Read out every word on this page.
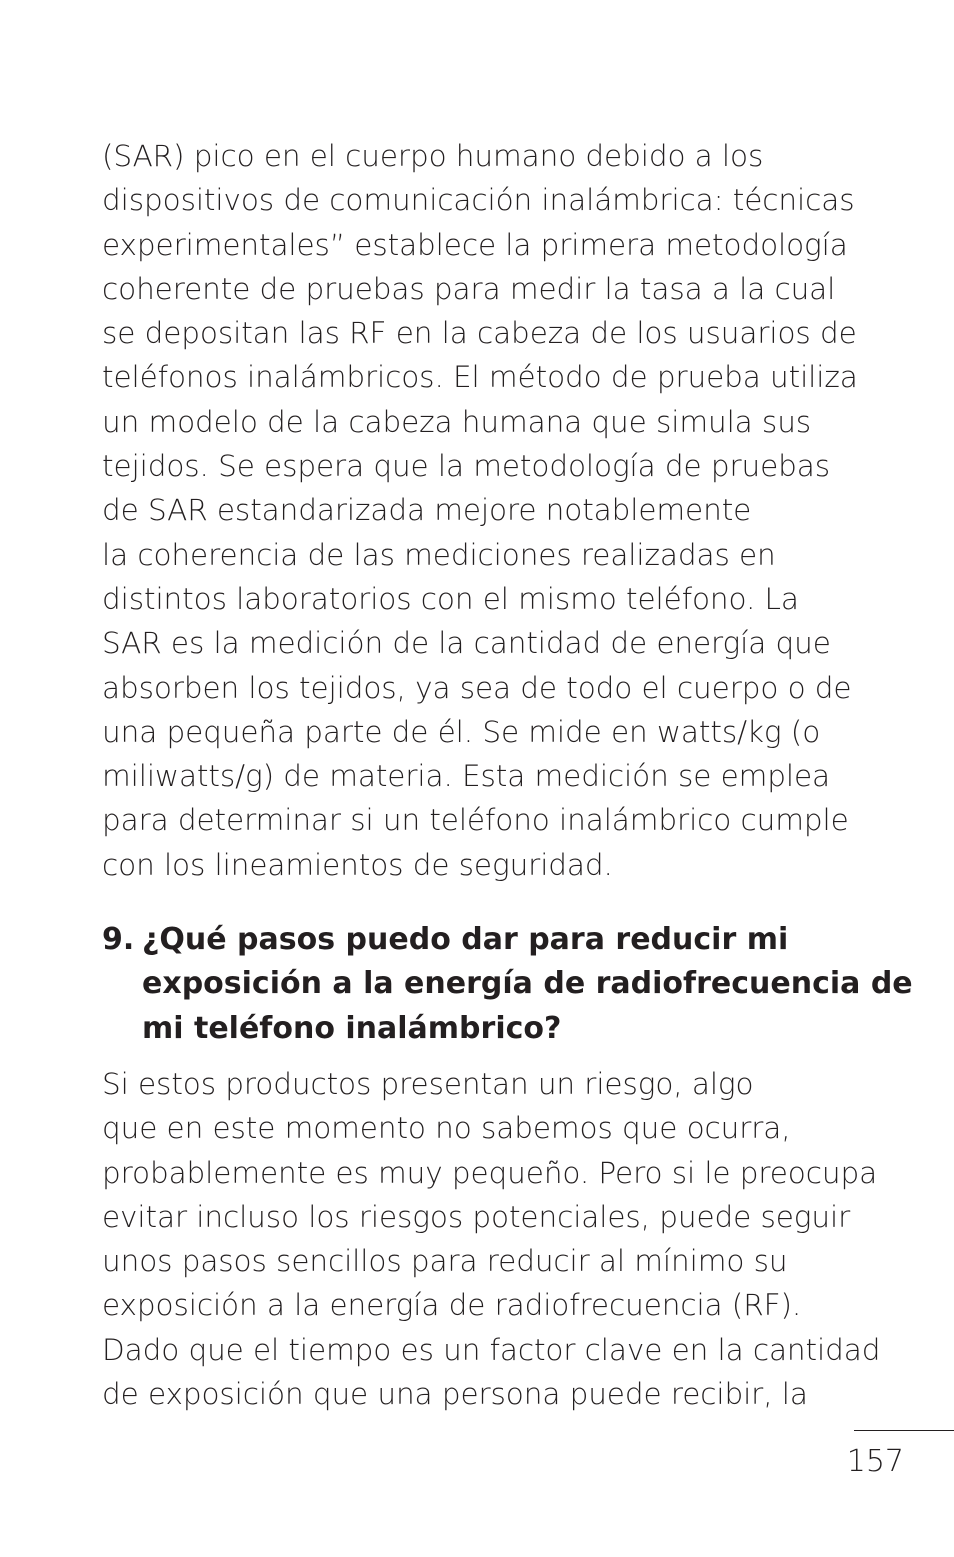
(SAR) pico en el cuerpo humano debido a los
dispositivos de comunicación inalámbrica: técnicas
experimentales” establece la primera metodología
coherente de pruebas para medir la tasa a la cual
se depositan las RF en la cabeza de los usuarios de
teléfonos inalámbricos. El método de prueba utiliza
un modelo de la cabeza humana que simula sus
tejidos. Se espera que la metodología de pruebas
de SAR estandarizada mejore notablemente
la coherencia de las mediciones realizadas en
distintos laboratorios con el mismo teléfono. La
SAR es la medición de la cantidad de energía que
absorben los tejidos, ya sea de todo el cuerpo o de
una pequeña parte de él. Se mide en watts/kg (o
miliwatts/g) de materia. Esta medición se emplea
para determinar si un teléfono inalámbrico cumple
con los lineamientos de seguridad.

9. ¿Qué pasos puedo dar para reducir mi
exposición a la energía de radiofrecuencia de
mi teléfono inalámbrico?

Si estos productos presentan un riesgo, algo
que en este momento no sabemos que ocurra,
probablemente es muy pequeño. Pero si le preocupa
evitar incluso los riesgos potenciales, puede seguir
unos pasos sencillos para reducir al mínimo su
exposición a la energía de radiofrecuencia (RF).
Dado que el tiempo es un factor clave en la cantidad
de exposición que una persona puede recibir, la

157
